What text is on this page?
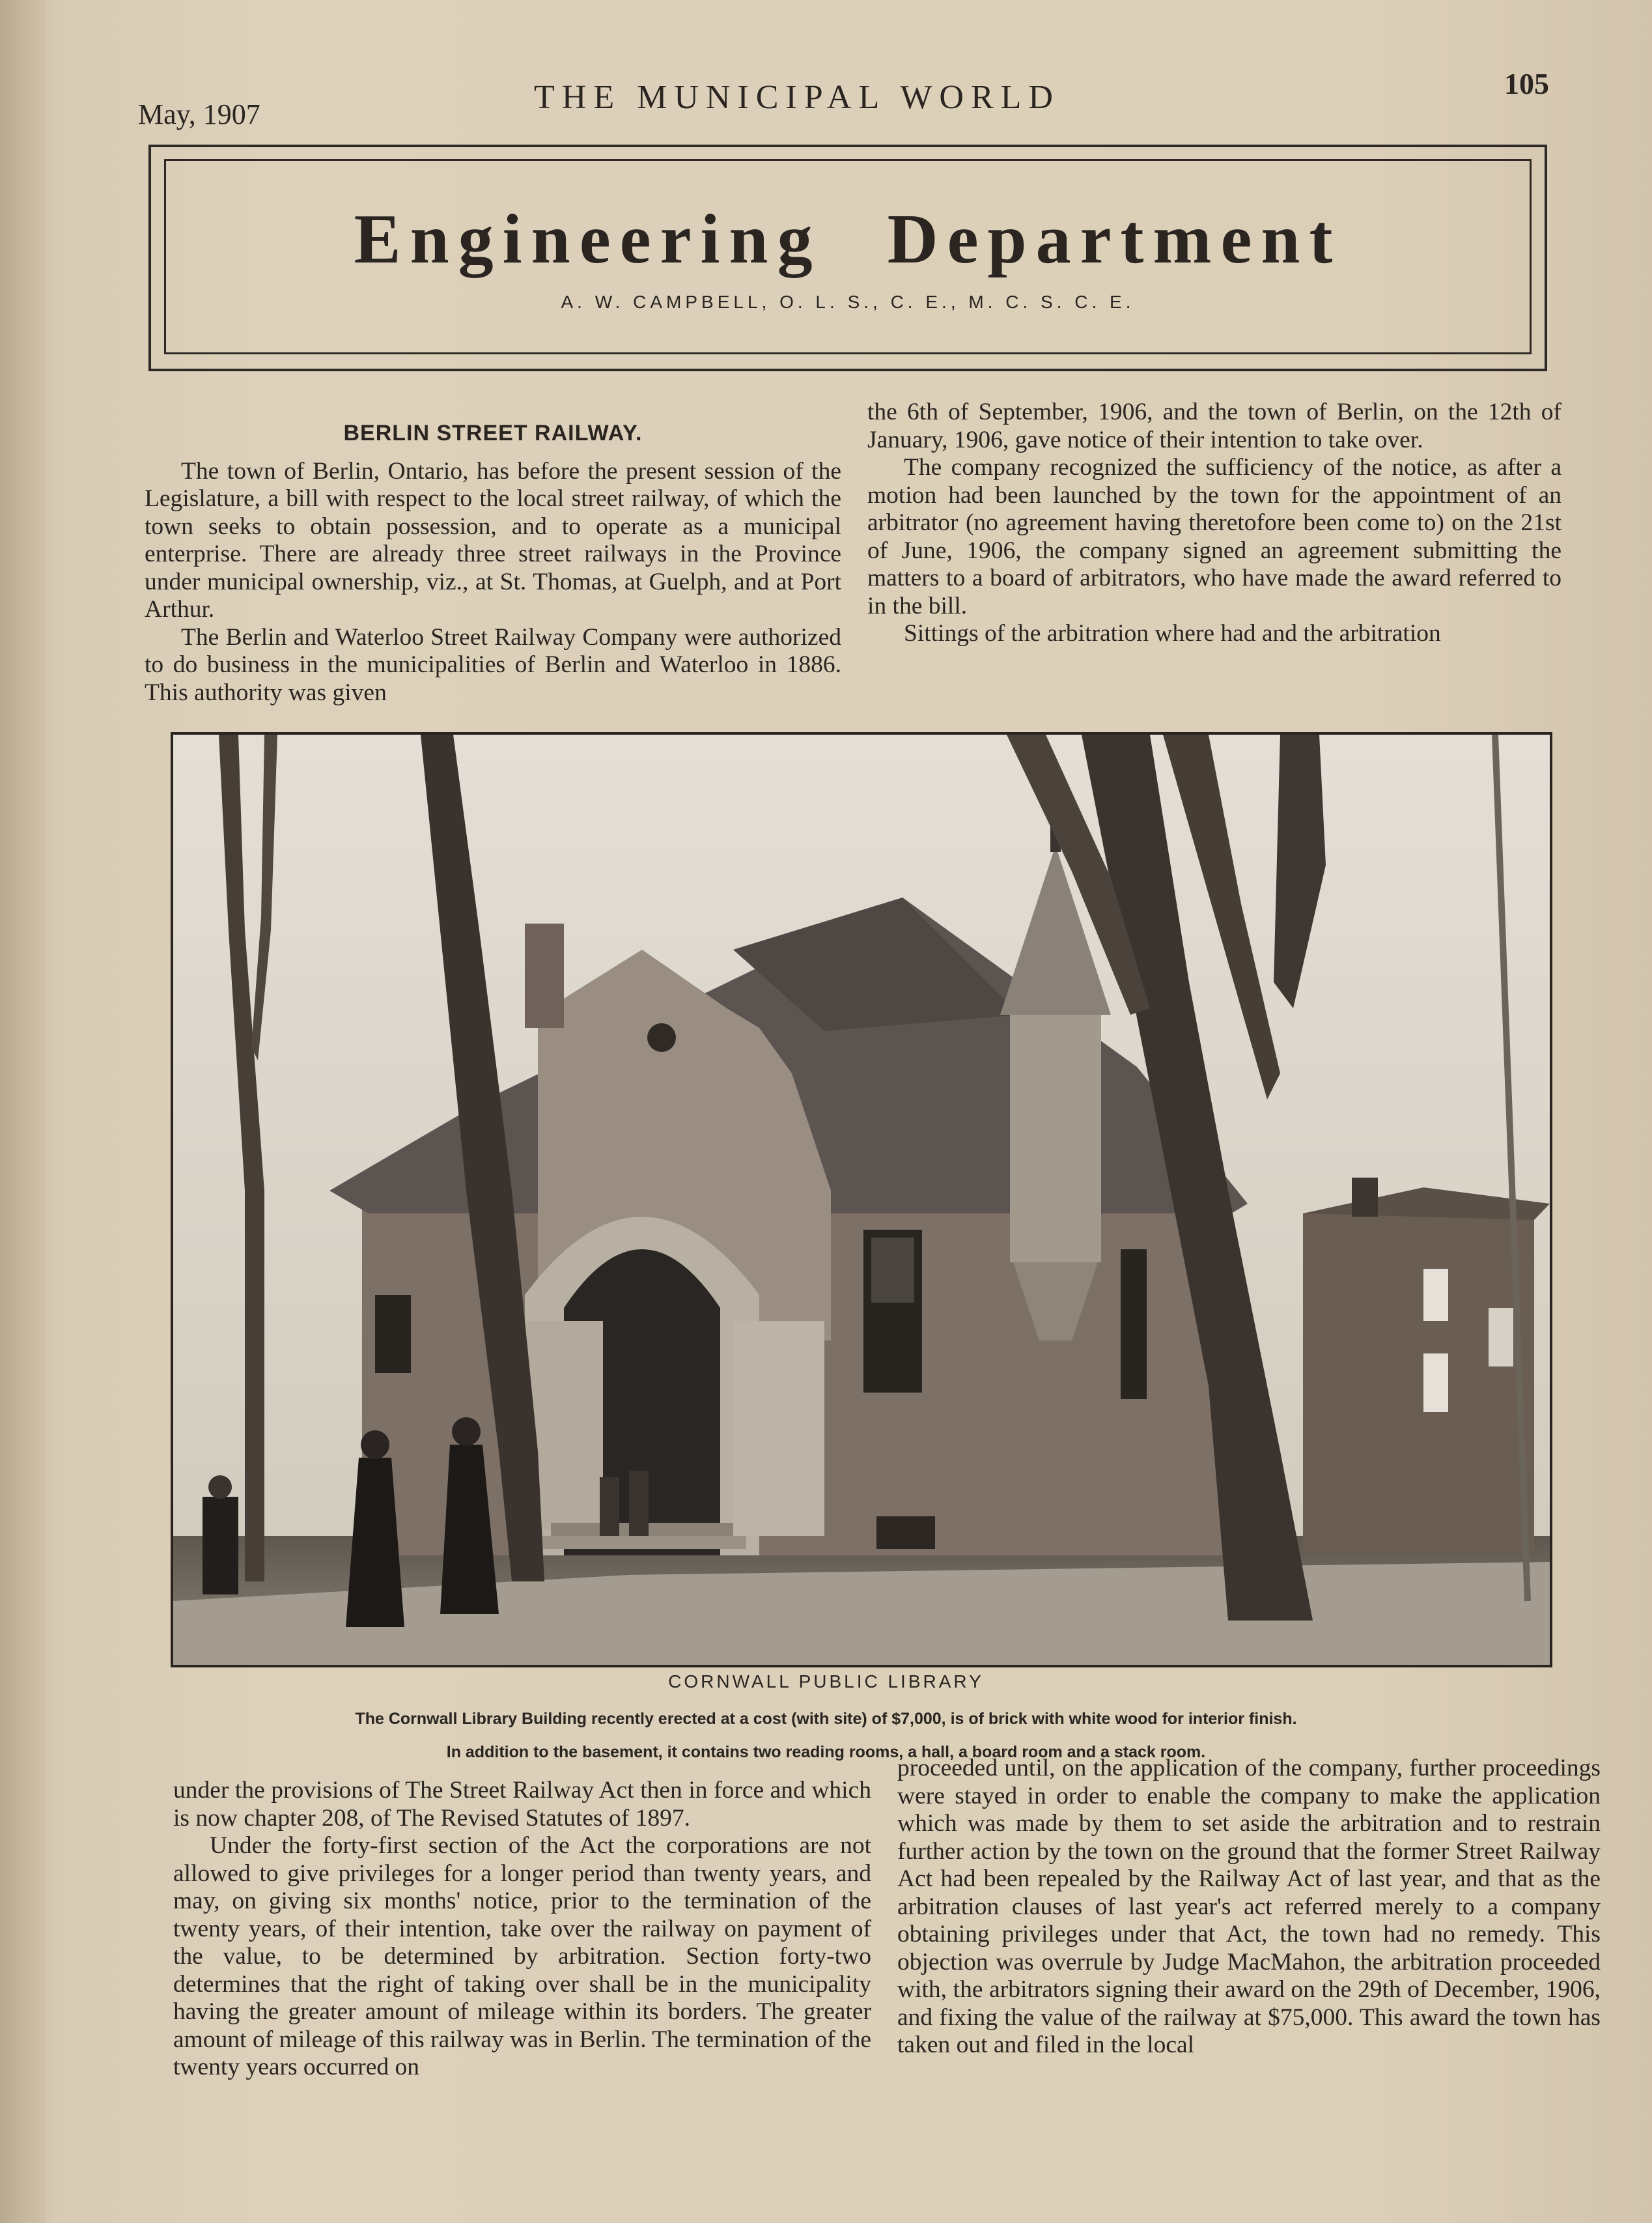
May, 1907	THE MUNICIPAL WORLD	105
Engineering Department
A. W. CAMPBELL, O. L. S., C. E., M. C. S. C. E.
BERLIN STREET RAILWAY.

The town of Berlin, Ontario, has before the present session of the Legislature, a bill with respect to the local street railway, of which the town seeks to obtain possession, and to operate as a municipal enterprise. There are already three street railways in the Province under municipal ownership, viz., at St. Thomas, at Guelph, and at Port Arthur.

The Berlin and Waterloo Street Railway Company were authorized to do business in the municipalities of Berlin and Waterloo in 1886. This authority was given

the 6th of September, 1906, and the town of Berlin, on the 12th of January, 1906, gave notice of their intention to take over.

The company recognized the sufficiency of the notice, as after a motion had been launched by the town for the appointment of an arbitrator (no agreement having theretofore been come to) on the 21st of June, 1906, the company signed an agreement submitting the matters to a board of arbitrators, who have made the award referred to in the bill.

Sittings of the arbitration where had and the arbitration

CORNWALL PUBLIC LIBRARY
The Cornwall Library Building recently erected at a cost (with site) of $7,000, is of brick with white wood for interior finish.
In addition to the basement, it contains two reading rooms, a hall, a board room and a stack room.

under the provisions of The Street Railway Act then in force and which is now chapter 208, of The Revised Statutes of 1897.

Under the forty-first section of the Act the corporations are not allowed to give privileges for a longer period than twenty years, and may, on giving six months' notice, prior to the termination of the twenty years, of their intention, take over the railway on payment of the value, to be determined by arbitration. Section forty-two determines that the right of taking over shall be in the municipality having the greater amount of mileage within its borders. The greater amount of mileage of this railway was in Berlin. The termination of the twenty years occurred on

proceeded until, on the application of the company, further proceedings were stayed in order to enable the company to make the application which was made by them to set aside the arbitration and to restrain further action by the town on the ground that the former Street Railway Act had been repealed by the Railway Act of last year, and that as the arbitration clauses of last year's act referred merely to a company obtaining privileges under that Act, the town had no remedy. This objection was overrule by Judge MacMahon, the arbitration proceeded with, the arbitrators signing their award on the 29th of December, 1906, and fixing the value of the railway at $75,000. This award the town has taken out and filed in the local
